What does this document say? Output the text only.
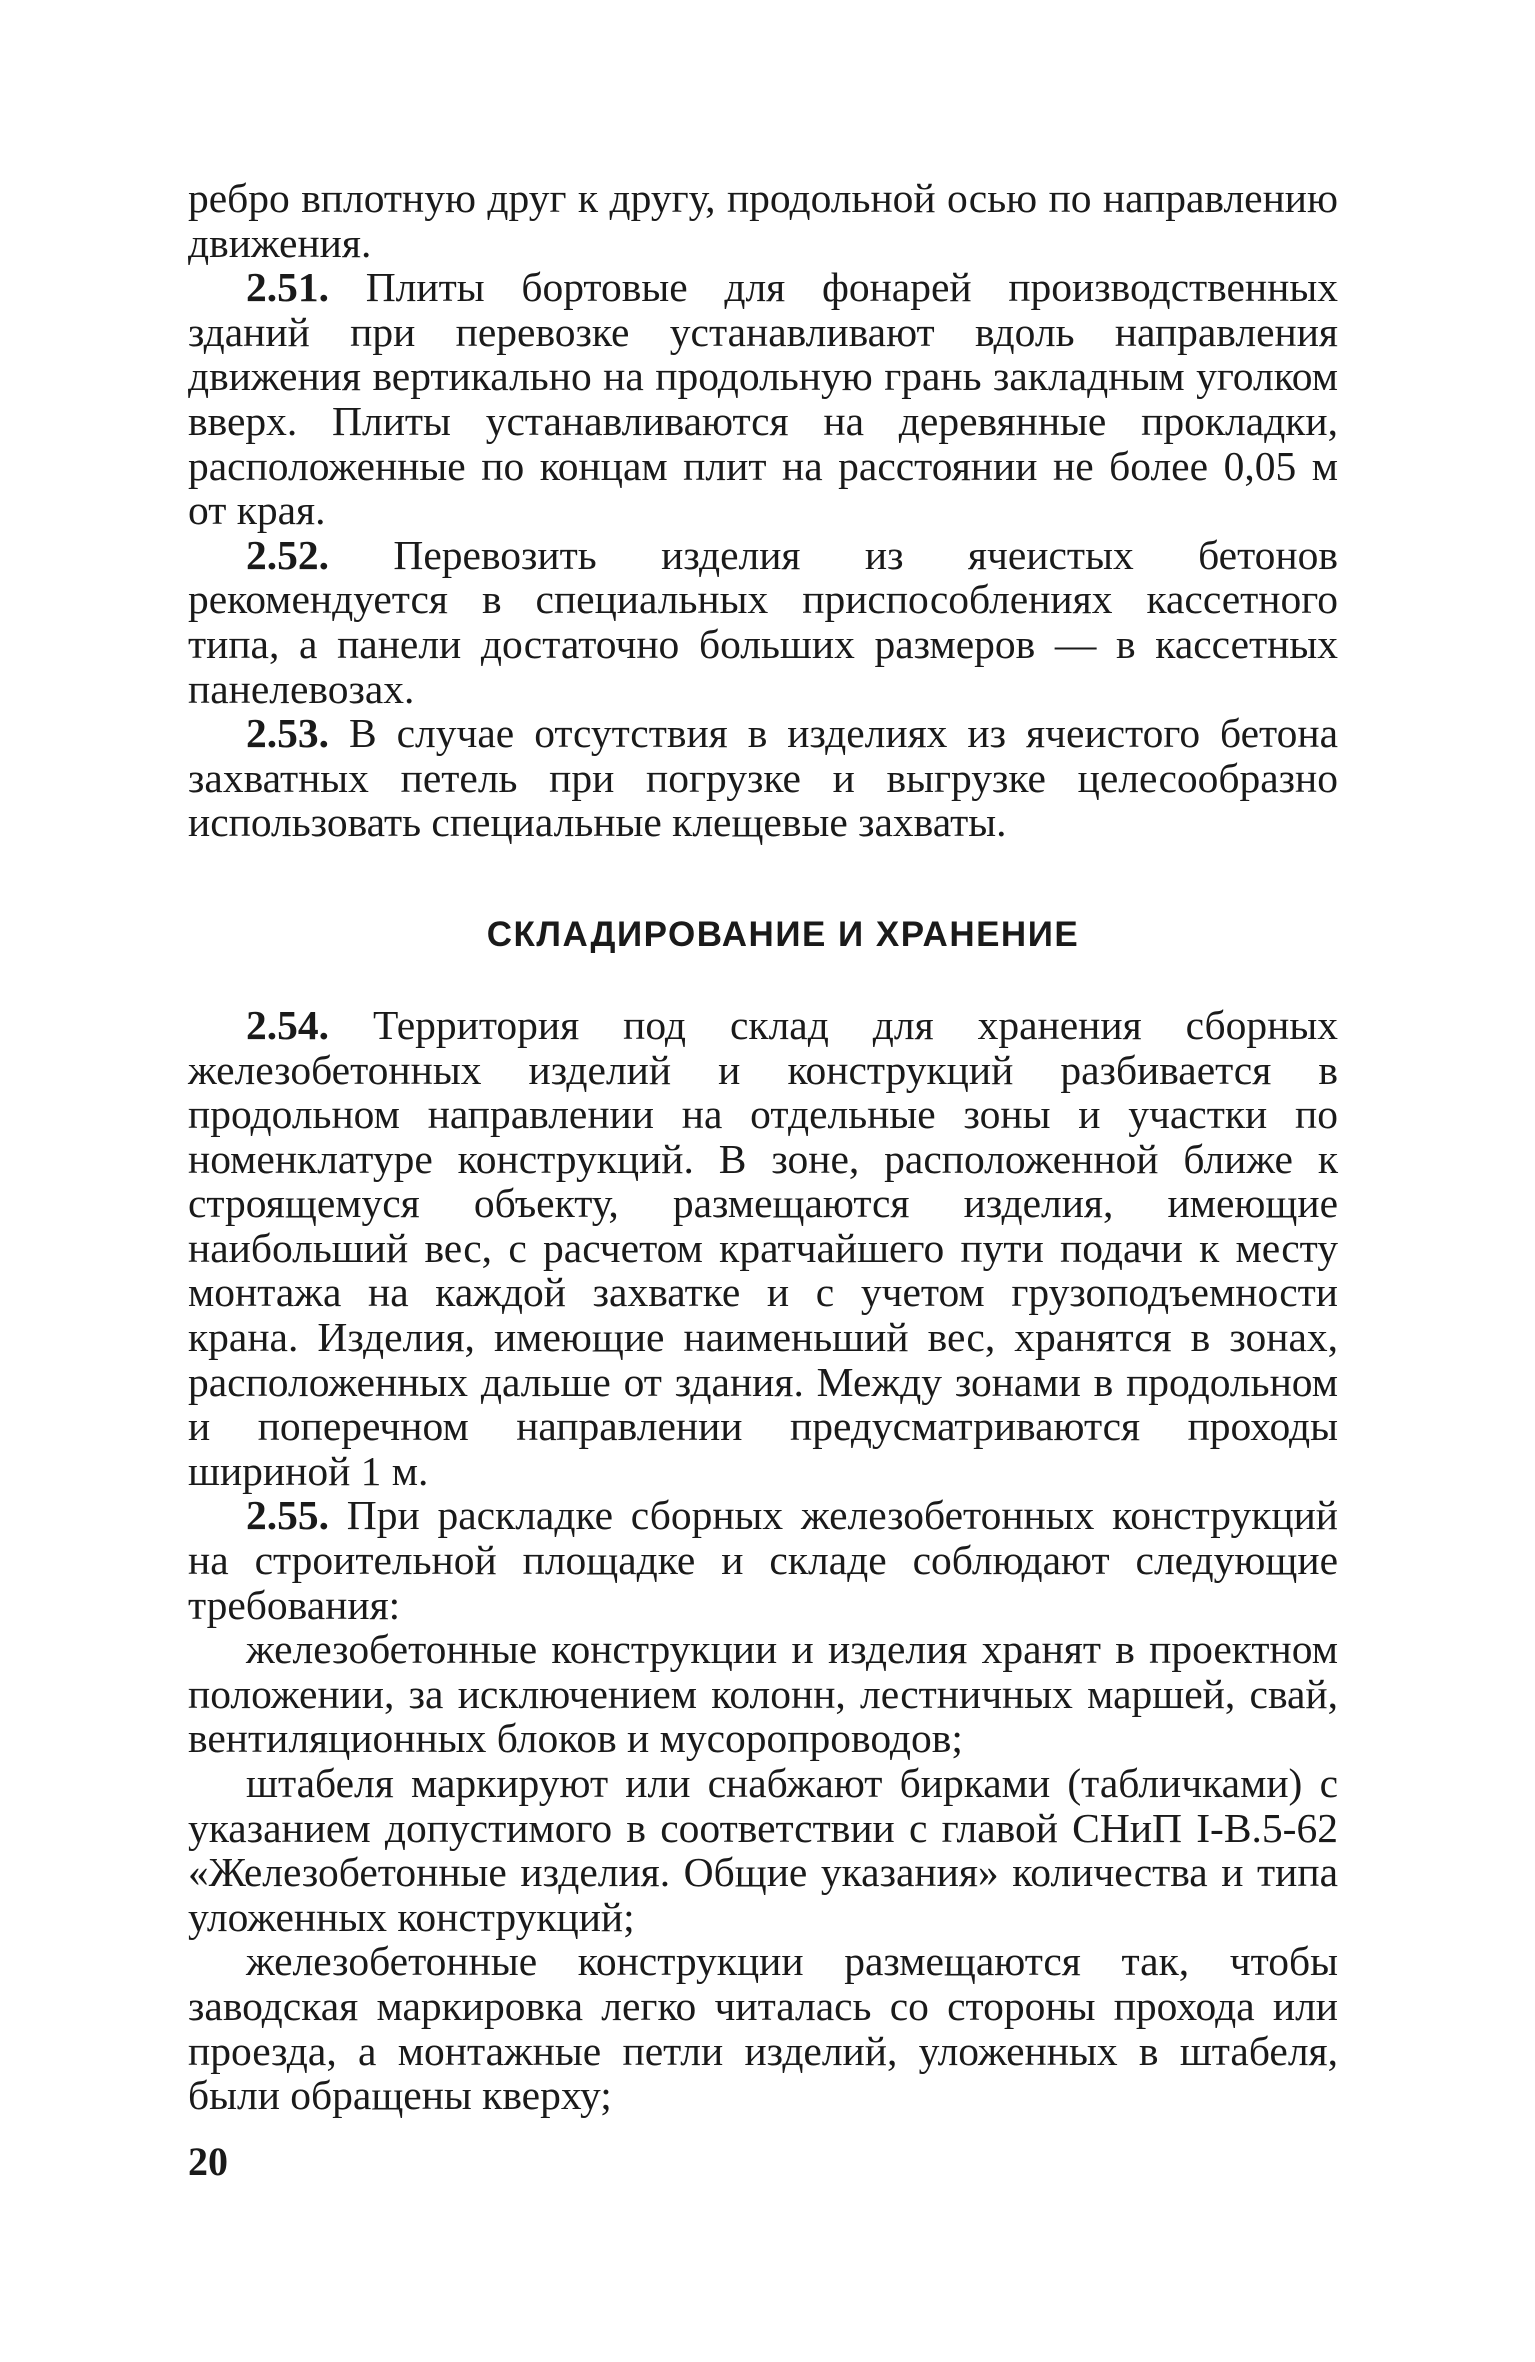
ребро вплотную друг к другу, продольной осью по направлению движения.

2.51. Плиты бортовые для фонарей производственных зданий при перевозке устанавливают вдоль направления движения вертикально на продольную грань закладным уголком вверх. Плиты устанавливаются на деревянные прокладки, расположенные по концам плит на расстоянии не более 0,05 м от края.

2.52. Перевозить изделия из ячеистых бетонов рекомендуется в специальных приспособлениях кассетного типа, а панели достаточно больших размеров — в кассетных панелевозах.

2.53. В случае отсутствия в изделиях из ячеистого бетона захватных петель при погрузке и выгрузке целесообразно использовать специальные клещевые захваты.

СКЛАДИРОВАНИЕ И ХРАНЕНИЕ

2.54. Территория под склад для хранения сборных железобетонных изделий и конструкций разбивается в продольном направлении на отдельные зоны и участки по номенклатуре конструкций. В зоне, расположенной ближе к строящемуся объекту, размещаются изделия, имеющие наибольший вес, с расчетом кратчайшего пути подачи к месту монтажа на каждой захватке и с учетом грузоподъемности крана. Изделия, имеющие наименьший вес, хранятся в зонах, расположенных дальше от здания. Между зонами в продольном и поперечном направлении предусматриваются проходы шириной 1 м.

2.55. При раскладке сборных железобетонных конструкций на строительной площадке и складе соблюдают следующие требования:

железобетонные конструкции и изделия хранят в проектном положении, за исключением колонн, лестничных маршей, свай, вентиляционных блоков и мусоропроводов;

штабеля маркируют или снабжают бирками (табличками) с указанием допустимого в соответствии с главой СНиП I-В.5-62 «Железобетонные изделия. Общие указания» количества и типа уложенных конструкций;

железобетонные конструкции размещаются так, чтобы заводская маркировка легко читалась со стороны прохода или проезда, а монтажные петли изделий, уложенных в штабеля, были обращены кверху;

20
